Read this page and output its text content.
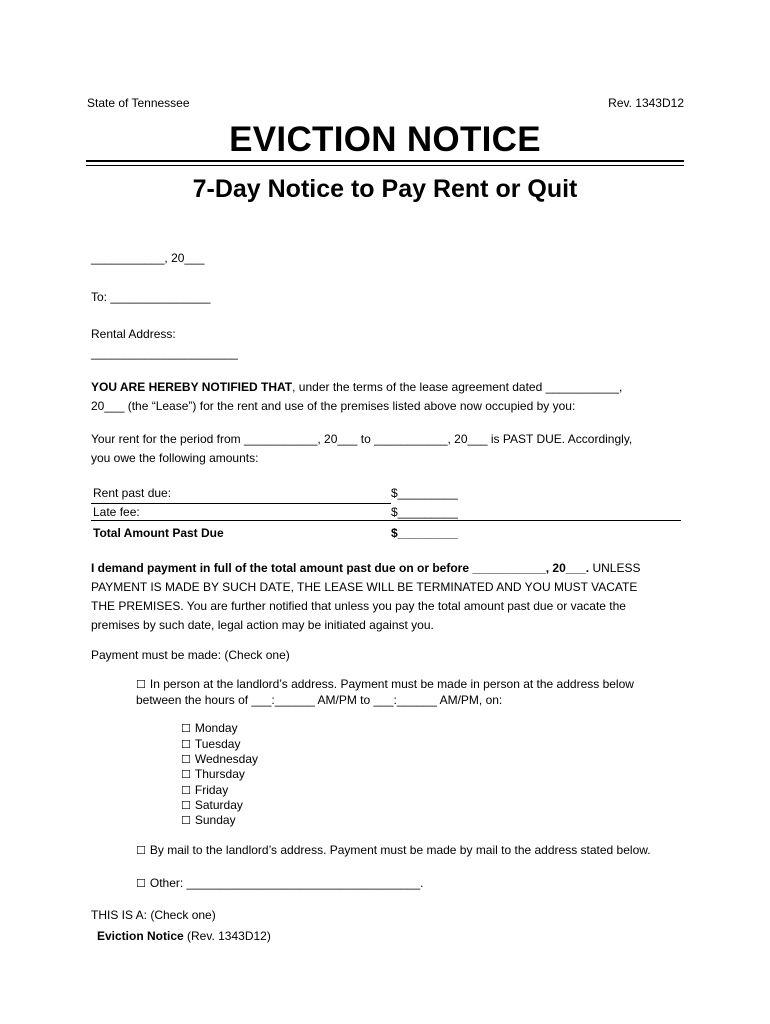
State of Tennessee	Rev. 1343D12
EVICTION NOTICE
7-Day Notice to Pay Rent or Quit
___________, 20___
To: _______________
Rental Address:
______________________
YOU ARE HEREBY NOTIFIED THAT, under the terms of the lease agreement dated ___________,
20___ (the “Lease”) for the rent and use of the premises listed above now occupied by you:
Your rent for the period from ___________, 20___ to ___________, 20___ is PAST DUE. Accordingly,
you owe the following amounts:
Rent past due:	$_________
Late fee:	$_________
Total Amount Past Due	$_________
I demand payment in full of the total amount past due on or before ___________, 20___. UNLESS
PAYMENT IS MADE BY SUCH DATE, THE LEASE WILL BE TERMINATED AND YOU MUST VACATE
THE PREMISES. You are further notified that unless you pay the total amount past due or vacate the
premises by such date, legal action may be initiated against you.
Payment must be made: (Check one)
☐ In person at the landlord’s address. Payment must be made in person at the address below
between the hours of ___:______ AM/PM to ___:______ AM/PM, on:
☐ Monday
☐ Tuesday
☐ Wednesday
☐ Thursday
☐ Friday
☐ Saturday
☐ Sunday
☐ By mail to the landlord’s address. Payment must be made by mail to the address stated below.
☐ Other: ___________________________________.
THIS IS A: (Check one)
Eviction Notice (Rev. 1343D12)
